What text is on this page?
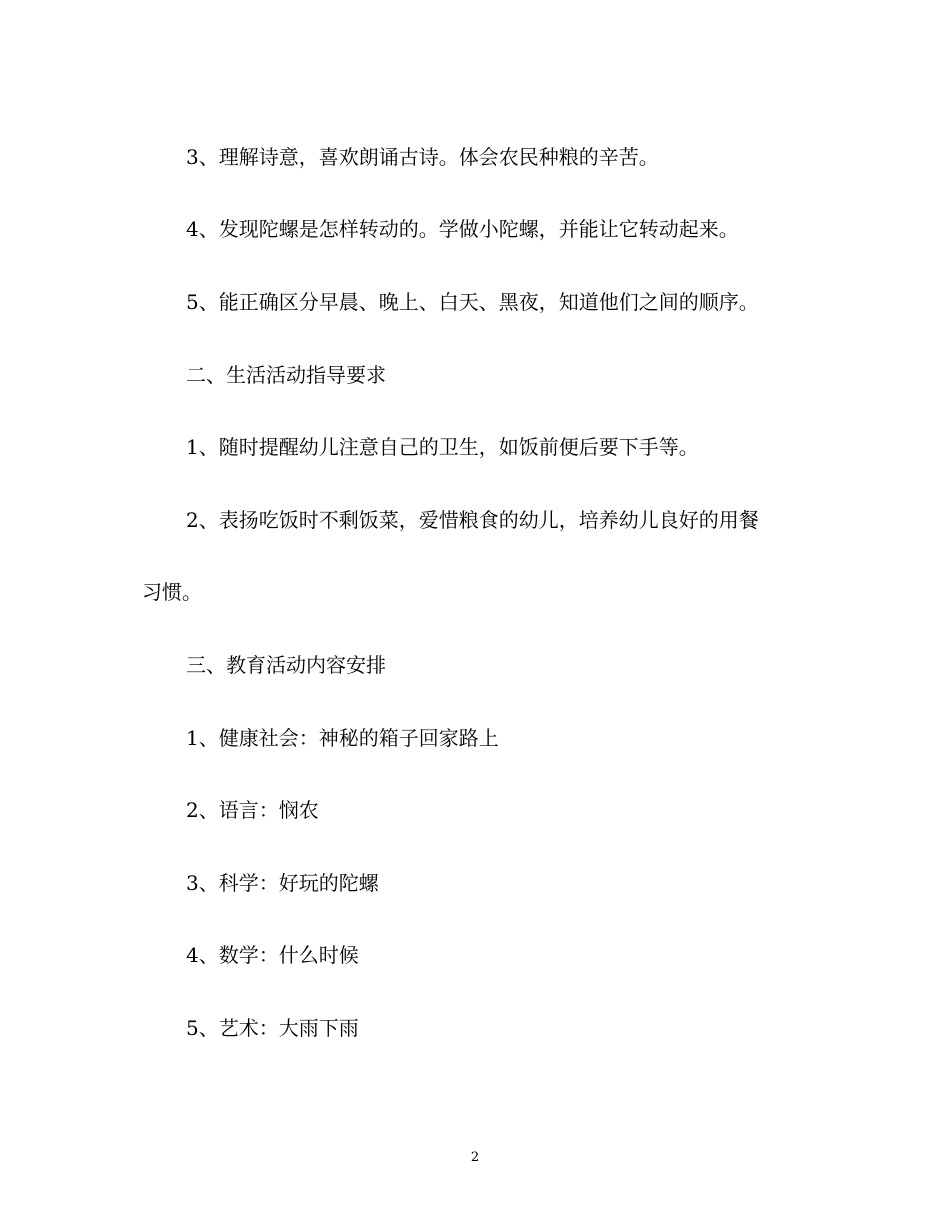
3、理解诗意，喜欢朗诵古诗。体会农民种粮的辛苦。

4、发现陀螺是怎样转动的。学做小陀螺，并能让它转动起来。

5、能正确区分早晨、晚上、白天、黑夜，知道他们之间的顺序。

二、生活活动指导要求

1、随时提醒幼儿注意自己的卫生，如饭前便后要下手等。

2、表扬吃饭时不剩饭菜，爱惜粮食的幼儿，培养幼儿良好的用餐

习惯。

三、教育活动内容安排

1、健康社会：神秘的箱子回家路上

2、语言：悯农

3、科学：好玩的陀螺

4、数学：什么时候

5、艺术：大雨下雨

2
